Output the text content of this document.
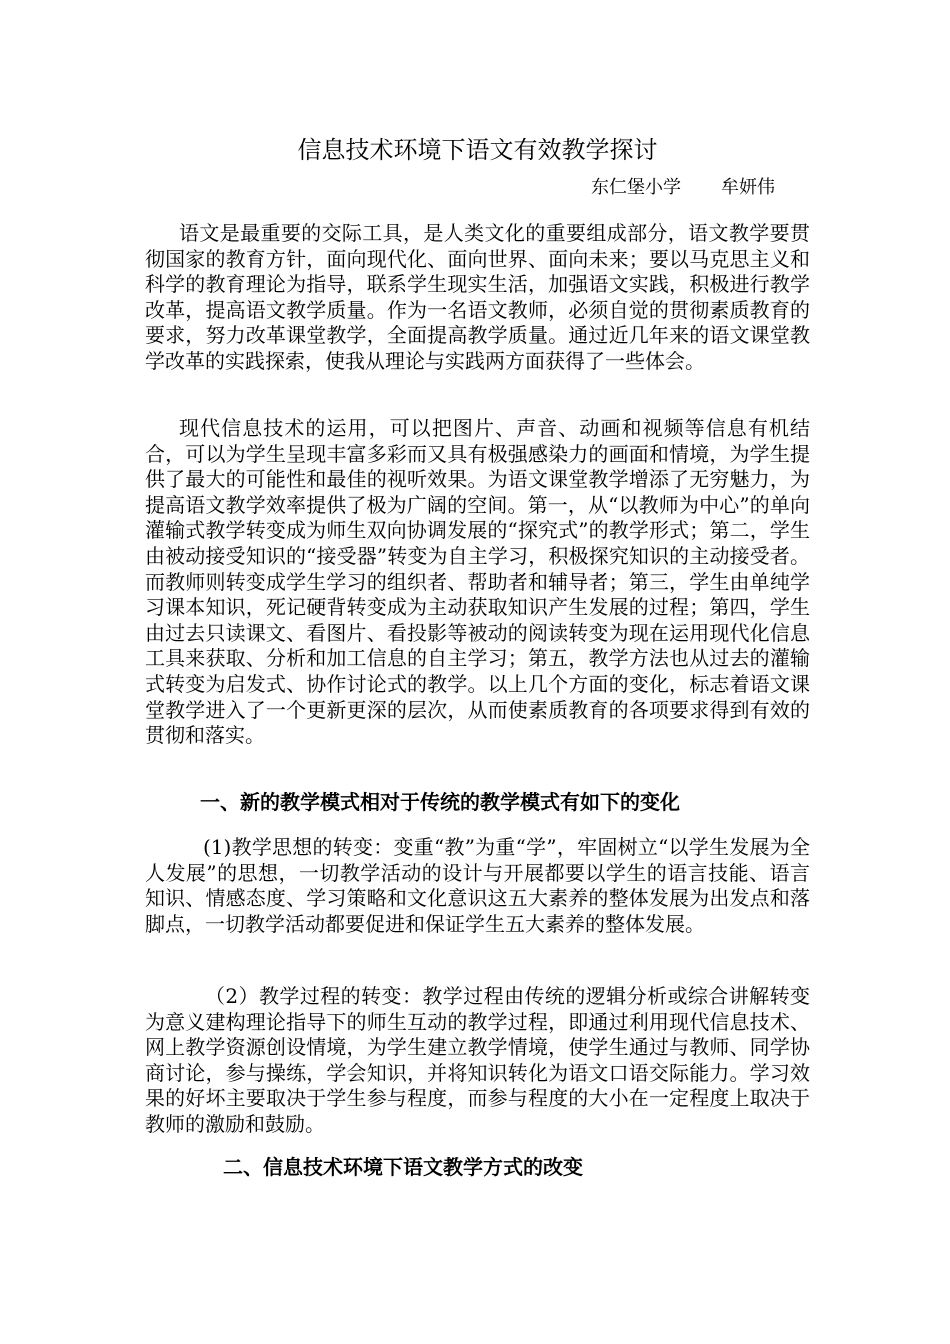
信息技术环境下语文有效教学探讨
东仁堡小学 牟妍伟

语文是最重要的交际工具，是人类文化的重要组成部分，语文教学要贯彻国家的教育方针，面向现代化、面向世界、面向未来；要以马克思主义和科学的教育理论为指导，联系学生现实生活，加强语文实践，积极进行教学改革，提高语文教学质量。作为一名语文教师，必须自觉的贯彻素质教育的要求，努力改革课堂教学，全面提高教学质量。通过近几年来的语文课堂教学改革的实践探索，使我从理论与实践两方面获得了一些体会。

现代信息技术的运用，可以把图片、声音、动画和视频等信息有机结合，可以为学生呈现丰富多彩而又具有极强感染力的画面和情境，为学生提供了最大的可能性和最佳的视听效果。为语文课堂教学增添了无穷魅力，为提高语文教学效率提供了极为广阔的空间。第一，从“以教师为中心”的单向灌输式教学转变成为师生双向协调发展的“探究式”的教学形式；第二，学生由被动接受知识的“接受器”转变为自主学习，积极探究知识的主动接受者。而教师则转变成学生学习的组织者、帮助者和辅导者；第三，学生由单纯学习课本知识，死记硬背转变成为主动获取知识产生发展的过程；第四，学生由过去只读课文、看图片、看投影等被动的阅读转变为现在运用现代化信息工具来获取、分析和加工信息的自主学习；第五，教学方法也从过去的灌输式转变为启发式、协作讨论式的教学。以上几个方面的变化，标志着语文课堂教学进入了一个更新更深的层次，从而使素质教育的各项要求得到有效的贯彻和落实。

一、新的教学模式相对于传统的教学模式有如下的变化

(1)教学思想的转变：变重“教”为重“学”，牢固树立“以学生发展为全人发展”的思想，一切教学活动的设计与开展都要以学生的语言技能、语言知识、情感态度、学习策略和文化意识这五大素养的整体发展为出发点和落脚点，一切教学活动都要促进和保证学生五大素养的整体发展。

（2）教学过程的转变：教学过程由传统的逻辑分析或综合讲解转变为意义建构理论指导下的师生互动的教学过程，即通过利用现代信息技术、网上教学资源创设情境，为学生建立教学情境，使学生通过与教师、同学协商讨论，参与操练，学会知识，并将知识转化为语文口语交际能力。学习效果的好坏主要取决于学生参与程度，而参与程度的大小在一定程度上取决于教师的激励和鼓励。

二、信息技术环境下语文教学方式的改变
